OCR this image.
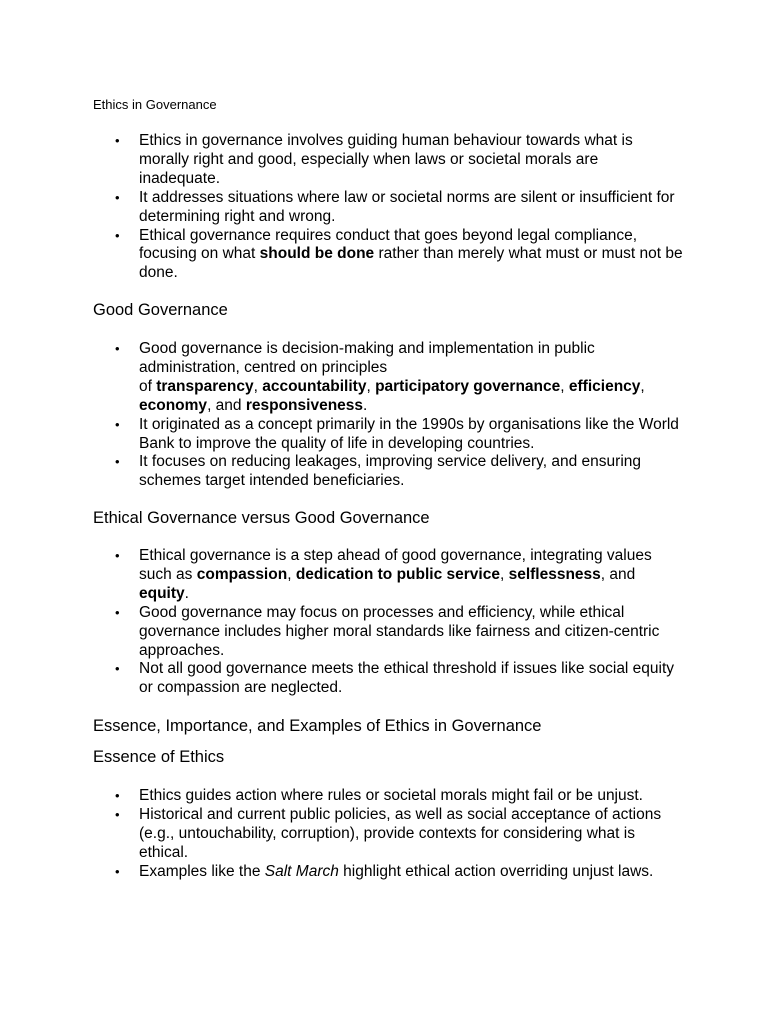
Ethics in Governance
• Ethics in governance involves guiding human behaviour towards what is morally right and good, especially when laws or societal morals are inadequate.
• It addresses situations where law or societal norms are silent or insufficient for determining right and wrong.
• Ethical governance requires conduct that goes beyond legal compliance, focusing on what should be done rather than merely what must or must not be done.
Good Governance
• Good governance is decision-making and implementation in public administration, centred on principles
of transparency, accountability, participatory governance, efficiency, economy, and responsiveness.
• It originated as a concept primarily in the 1990s by organisations like the World Bank to improve the quality of life in developing countries.
• It focuses on reducing leakages, improving service delivery, and ensuring schemes target intended beneficiaries.
Ethical Governance versus Good Governance
• Ethical governance is a step ahead of good governance, integrating values such as compassion, dedication to public service, selflessness, and equity.
• Good governance may focus on processes and efficiency, while ethical governance includes higher moral standards like fairness and citizen-centric approaches.
• Not all good governance meets the ethical threshold if issues like social equity or compassion are neglected.
Essence, Importance, and Examples of Ethics in Governance
Essence of Ethics
• Ethics guides action where rules or societal morals might fail or be unjust.
• Historical and current public policies, as well as social acceptance of actions (e.g., untouchability, corruption), provide contexts for considering what is ethical.
• Examples like the Salt March highlight ethical action overriding unjust laws.
